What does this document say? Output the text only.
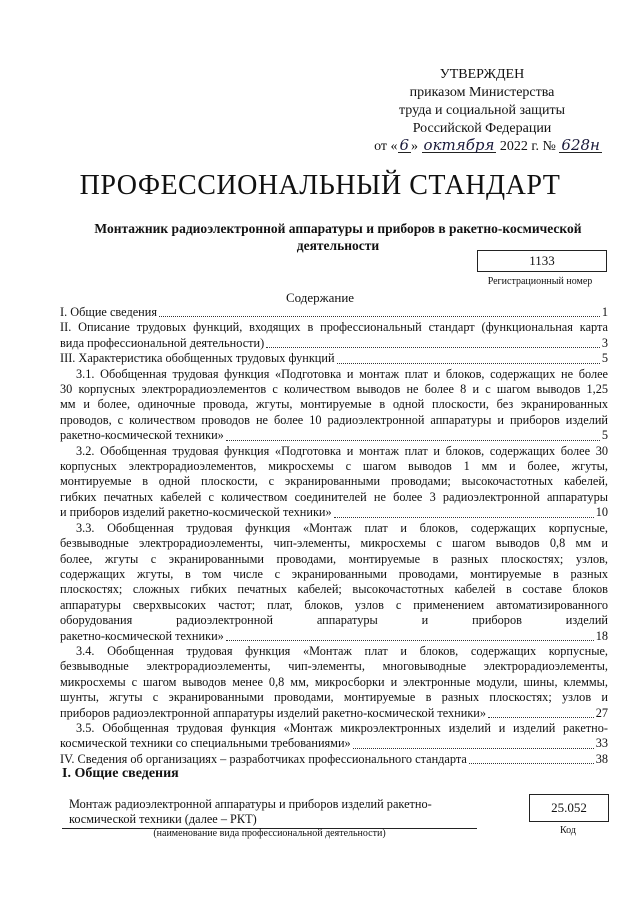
УТВЕРЖДЕН
приказом Министерства
труда и социальной защиты
Российской Федерации
от « 6 » октября 2022 г. № 628н
ПРОФЕССИОНАЛЬНЫЙ СТАНДАРТ
Монтажник радиоэлектронной аппаратуры и приборов в ракетно-космической деятельности
1133
Регистрационный номер
Содержание
I. Общие сведения	1
II. Описание трудовых функций, входящих в профессиональный стандарт (функциональная карта
вида профессиональной деятельности)	3
III. Характеристика обобщенных трудовых функций	5
3.1. Обобщенная трудовая функция «Подготовка и монтаж плат и блоков, содержащих не более
30 корпусных электрорадиоэлементов с количеством выводов не более 8 и с шагом выводов 1,25
мм и более, одиночные провода, жгуты, монтируемые в одной плоскости, без экранированных
проводов, с количеством проводов не более 10 радиоэлектронной аппаратуры и приборов изделий
ракетно-космической техники»	5
3.2. Обобщенная трудовая функция «Подготовка и монтаж плат и блоков, содержащих более 30
корпусных электрорадиоэлементов, микросхемы с шагом выводов 1 мм и более, жгуты,
монтируемые в одной плоскости, с экранированными проводами; высокочастотных кабелей,
гибких печатных кабелей с количеством соединителей не более 3 радиоэлектронной аппаратуры
и приборов изделий ракетно-космической техники»	10
3.3. Обобщенная трудовая функция «Монтаж плат и блоков, содержащих корпусные,
безвыводные электрорадиоэлементы, чип-элементы, микросхемы с шагом выводов 0,8 мм и
более, жгуты с экранированными проводами, монтируемые в разных плоскостях; узлов,
содержащих жгуты, в том числе с экранированными проводами, монтируемые в разных
плоскостях; сложных гибких печатных кабелей; высокочастотных кабелей в составе блоков
аппаратуры сверхвысоких частот; плат, блоков, узлов с применением автоматизированного
оборудования радиоэлектронной аппаратуры и приборов изделий
ракетно-космической техники»	18
3.4. Обобщенная трудовая функция «Монтаж плат и блоков, содержащих корпусные,
безвыводные электрорадиоэлементы, чип-элементы, многовыводные электрорадиоэлементы,
микросхемы с шагом выводов менее 0,8 мм, микросборки и электронные модули, шины, клеммы,
шунты, жгуты с экранированными проводами, монтируемые в разных плоскостях; узлов и
приборов радиоэлектронной аппаратуры изделий ракетно-космической техники»	27
3.5. Обобщенная трудовая функция «Монтаж микроэлектронных изделий и изделий ракетно-
космической техники со специальными требованиями»	33
IV. Сведения об организациях – разработчиках профессионального стандарта	38
I. Общие сведения
Монтаж радиоэлектронной аппаратуры и приборов изделий ракетно-
космической техники (далее – РКТ)
(наименование вида профессиональной деятельности)
25.052
Код
